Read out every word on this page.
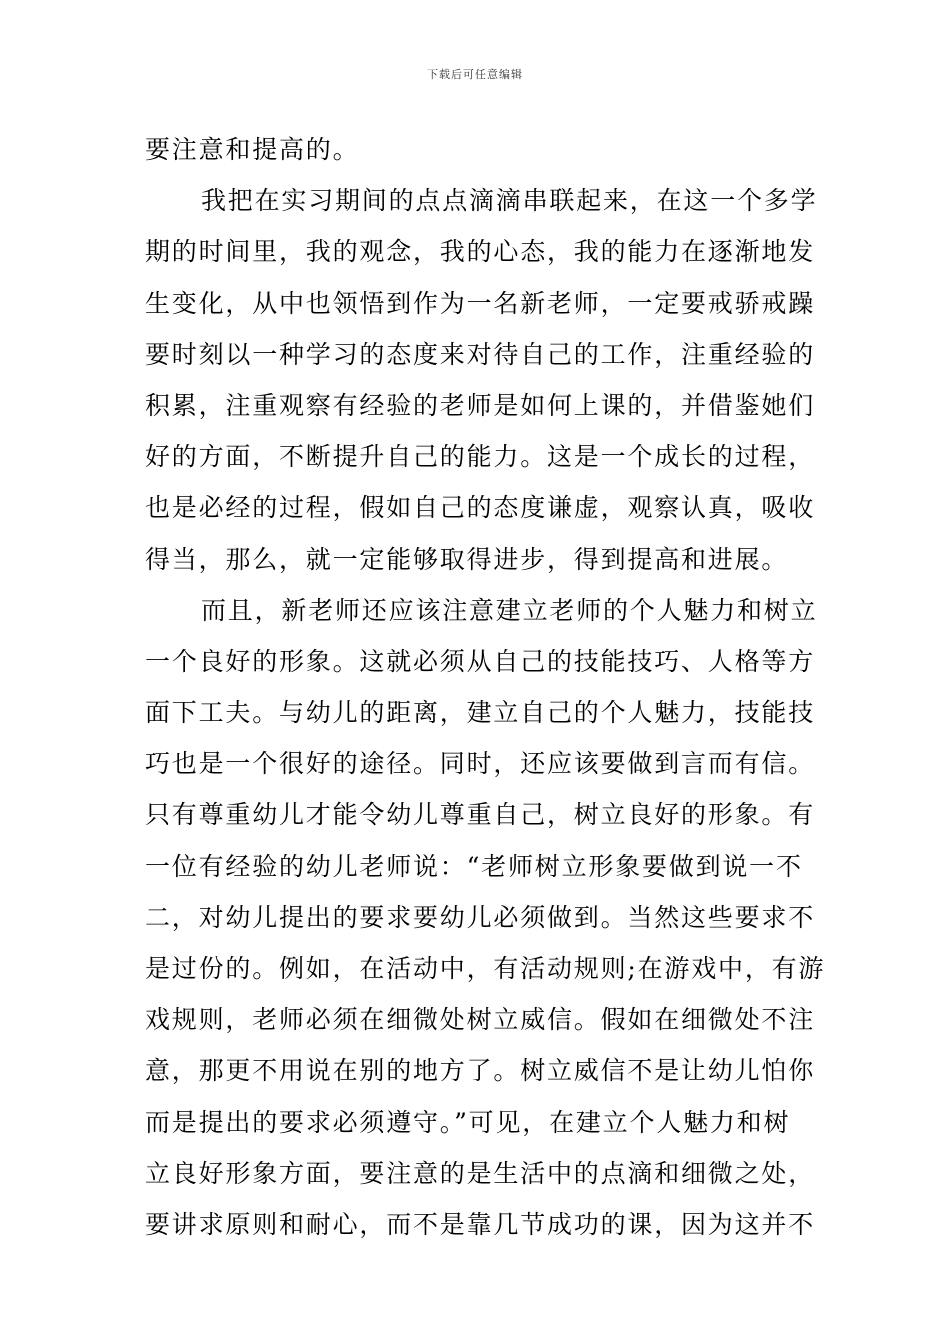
下载后可任意编辑
要注意和提高的。
我把在实习期间的点点滴滴串联起来，在这一个多学
期的时间里，我的观念，我的心态，我的能力在逐渐地发
生变化，从中也领悟到作为一名新老师，一定要戒骄戒躁
要时刻以一种学习的态度来对待自己的工作，注重经验的
积累，注重观察有经验的老师是如何上课的，并借鉴她们
好的方面，不断提升自己的能力。这是一个成长的过程，
也是必经的过程，假如自己的态度谦虚，观察认真，吸收
得当，那么，就一定能够取得进步，得到提高和进展。
而且，新老师还应该注意建立老师的个人魅力和树立
一个良好的形象。这就必须从自己的技能技巧、人格等方
面下工夫。与幼儿的距离，建立自己的个人魅力，技能技
巧也是一个很好的途径。同时，还应该要做到言而有信。
只有尊重幼儿才能令幼儿尊重自己，树立良好的形象。有
一位有经验的幼儿老师说：“老师树立形象要做到说一不
二，对幼儿提出的要求要幼儿必须做到。当然这些要求不
是过份的。例如，在活动中，有活动规则;在游戏中，有游
戏规则，老师必须在细微处树立威信。假如在细微处不注
意，那更不用说在别的地方了。树立威信不是让幼儿怕你
而是提出的要求必须遵守。”可见，在建立个人魅力和树
立良好形象方面，要注意的是生活中的点滴和细微之处，
要讲求原则和耐心，而不是靠几节成功的课，因为这并不
